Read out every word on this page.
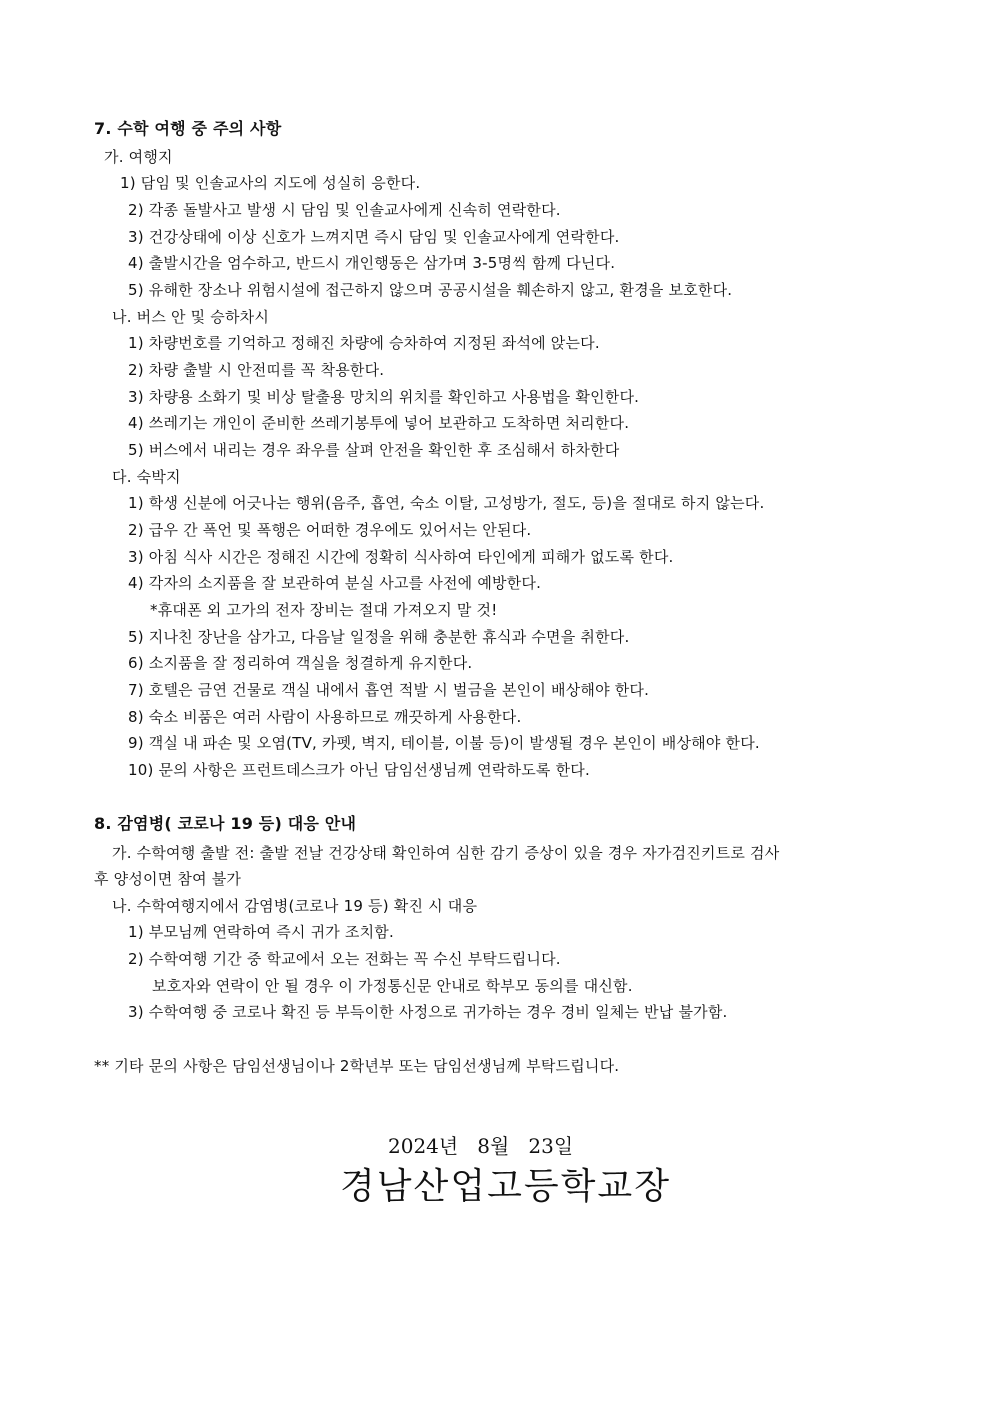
7. 수학 여행 중 주의 사항
가. 여행지
1) 담임 및 인솔교사의 지도에 성실히 응한다.
2) 각종 돌발사고 발생 시 담임 및 인솔교사에게 신속히 연락한다.
3) 건강상태에 이상 신호가 느껴지면 즉시 담임 및 인솔교사에게 연락한다.
4) 출발시간을 엄수하고, 반드시 개인행동은 삼가며 3-5명씩 함께 다닌다.
5) 유해한 장소나 위험시설에 접근하지 않으며 공공시설을 훼손하지 않고, 환경을 보호한다.
나. 버스 안 및 승하차시
1) 차량번호를 기억하고 정해진 차량에 승차하여 지정된 좌석에 앉는다.
2) 차량 출발 시 안전띠를 꼭 착용한다.
3) 차량용 소화기 및 비상 탈출용 망치의 위치를 확인하고 사용법을 확인한다.
4) 쓰레기는 개인이 준비한 쓰레기봉투에 넣어 보관하고 도착하면 처리한다.
5) 버스에서 내리는 경우 좌우를 살펴 안전을 확인한 후 조심해서 하차한다
다. 숙박지
1) 학생 신분에 어긋나는 행위(음주, 흡연, 숙소 이탈, 고성방가, 절도, 등)을 절대로 하지 않는다.
2) 급우 간 폭언 및 폭행은 어떠한 경우에도 있어서는 안된다.
3) 아침 식사 시간은 정해진 시간에 정확히 식사하여 타인에게 피해가 없도록 한다.
4) 각자의 소지품을 잘 보관하여 분실 사고를 사전에 예방한다.
*휴대폰 외 고가의 전자 장비는 절대 가져오지 말 것!
5) 지나친 장난을 삼가고, 다음날 일정을 위해 충분한 휴식과 수면을 취한다.
6) 소지품을 잘 정리하여 객실을 청결하게 유지한다.
7) 호텔은 금연 건물로 객실 내에서 흡연 적발 시 벌금을 본인이 배상해야 한다.
8) 숙소 비품은 여러 사람이 사용하므로 깨끗하게 사용한다.
9) 객실 내 파손 및 오염(TV, 카펫, 벽지, 테이블, 이불 등)이 발생될 경우 본인이 배상해야 한다.
10) 문의 사항은 프런트데스크가 아닌 담임선생님께 연락하도록 한다.
8. 감염병( 코로나 19 등) 대응 안내
가. 수학여행 출발 전: 출발 전날 건강상태 확인하여 심한 감기 증상이 있을 경우 자가검진키트로 검사
후 양성이면 참여 불가
나. 수학여행지에서 감염병(코로나 19 등) 확진 시 대응
1) 부모님께 연락하여 즉시 귀가 조치함.
2) 수학여행 기간 중 학교에서 오는 전화는 꼭 수신 부탁드립니다.
보호자와 연락이 안 될 경우 이 가정통신문 안내로 학부모 동의를 대신함.
3) 수학여행 중 코로나 확진 등 부득이한 사정으로 귀가하는 경우 경비 일체는 반납 불가함.
** 기타 문의 사항은 담임선생님이나 2학년부 또는 담임선생님께 부탁드립니다.
2024년   8월   23일
경남산업고등학교장
